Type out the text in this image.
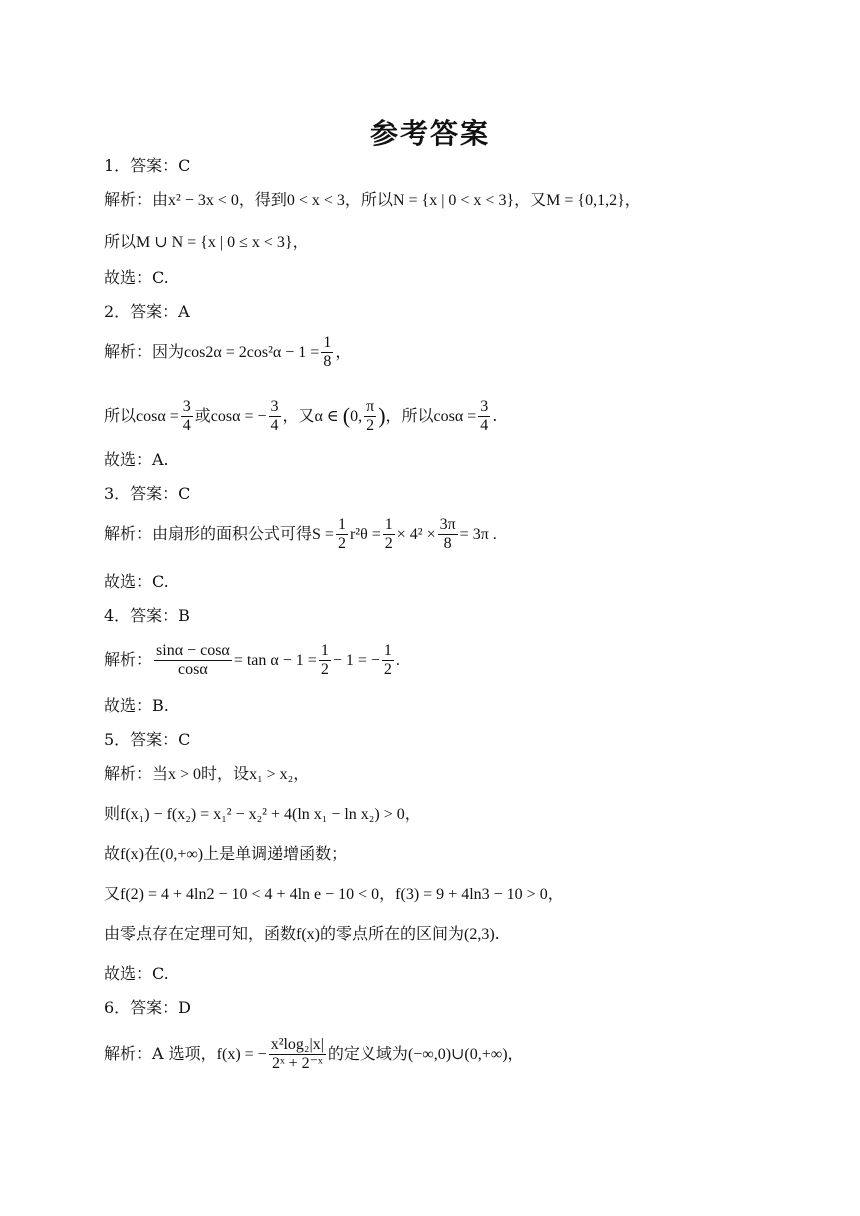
参考答案
1．答案：C
解析：由x² − 3x < 0，得到0 < x < 3，所以N = {x | 0 < x < 3}，又M = {0,1,2}，
所以M ∪ N = {x | 0 ≤ x < 3}，
故选：C.
2．答案：A
解析：因为$\cos 2\alpha = 2\cos^2\alpha - 1 = \frac{1}{8}$ ，
所以$\cos\alpha = \frac{3}{4}$ 或cosα = − $\frac{3}{4}$ ，又α ∈ (0, $\frac{\pi}{2}$ )，所以$\cos\alpha = \frac{3}{4}$ .
故选：A.
3．答案：C
解析：由扇形的面积公式可得$S = \frac{1}{2} r^2\theta = \frac{1}{2} \times 4^2 \times \frac{3\pi}{8} = 3\pi$ .
故选：C.
4．答案：B
解析： $\frac{\sin\alpha - \cos\alpha}{\cos\alpha} = \tan \alpha - 1 = \frac{1}{2} - 1$ = − $\frac{1}{2}$ .
故选：B.
5．答案：C
解析：当x > 0时，设x₁ > x₂，
则f(x₁) − f(x₂) = x₁² − x₂² + 4(ln x₁ − ln x₂) > 0，
故f(x)在(0,+∞)上是单调递增函数；
又f(2) = 4 + 4ln2 − 10 < 4 + 4ln e − 10 < 0，f(3) = 9 + 4ln3 − 10 > 0，
由零点存在定理可知，函数f(x)的零点所在的区间为(2,3).
故选：C.
6．答案：D
解析：A 选项，f(x) = − $\frac{\text{x²log₂|x|}}{\text{2ˣ + 2⁻ˣ}}$ 的定义域为(−∞,0)∪(0,+∞)，
